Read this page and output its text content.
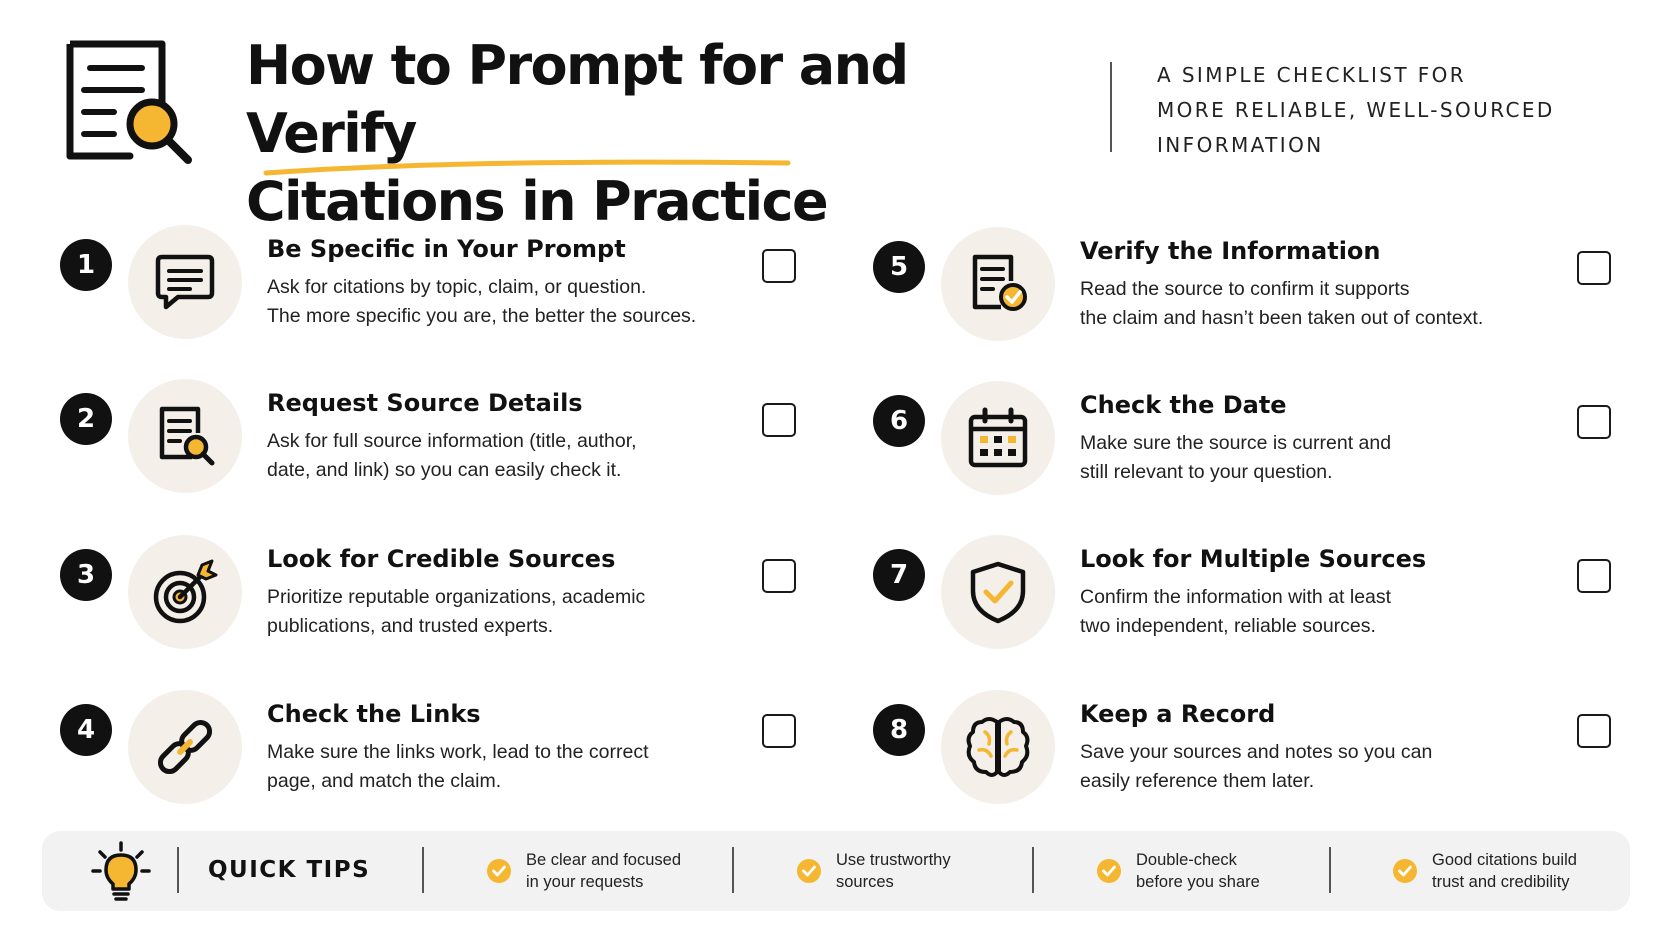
How to Prompt for and Verify
Citations in Practice
A SIMPLE CHECKLIST FOR
MORE RELIABLE, WELL-SOURCED
INFORMATION
1
Be Specific in Your Prompt
Ask for citations by topic, claim, or question.
The more specific you are, the better the sources.
2
Request Source Details
Ask for full source information (title, author,
date, and link) so you can easily check it.
3
Look for Credible Sources
Prioritize reputable organizations, academic
publications, and trusted experts.
4
Check the Links
Make sure the links work, lead to the correct
page, and match the claim.
5
Verify the Information
Read the source to confirm it supports
the claim and hasn’t been taken out of context.
6
Check the Date
Make sure the source is current and
still relevant to your question.
7
Look for Multiple Sources
Confirm the information with at least
two independent, reliable sources.
8
Keep a Record
Save your sources and notes so you can
easily reference them later.
QUICK TIPS	Be clear and focused
in your requests
Use trustworthy
sources
Double-check
before you share
Good citations build
trust and credibility
